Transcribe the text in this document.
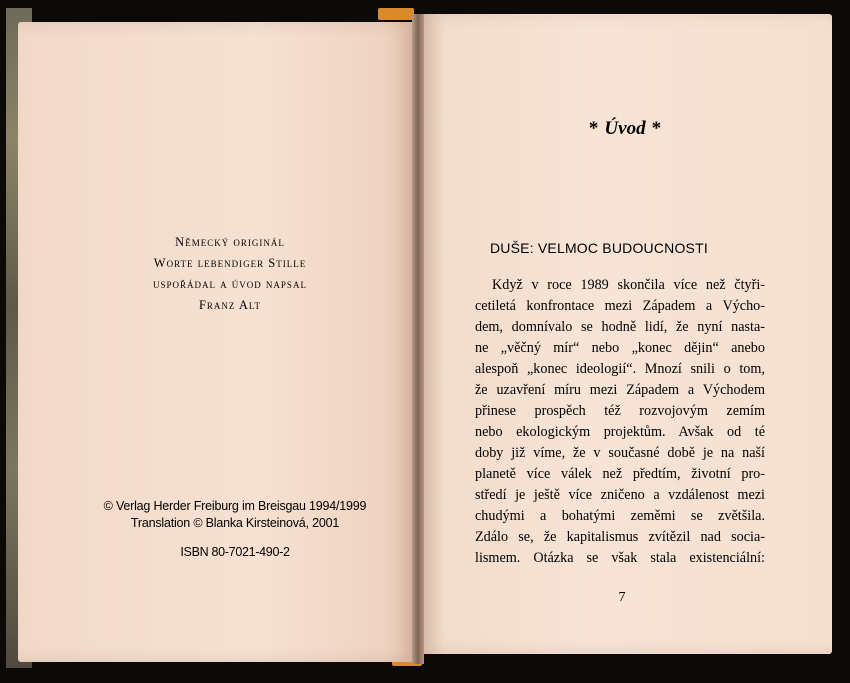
Německý originál
Worte lebendiger Stille
uspořádal a úvod napsal
Franz Alt
© Verlag Herder Freiburg im Breisgau 1994/1999
Translation © Blanka Kirsteinová, 2001
ISBN 80-7021-490-2
* Úvod *
DUŠE: VELMOC BUDOUCNOSTI
Když v roce 1989 skončila více než čtyři-
cetiletá konfrontace mezi Západem a Výcho-
dem, domnívalo se hodně lidí, že nyní nasta-
ne „věčný mír“ nebo „konec dějin“ anebo
alespoň „konec ideologií“. Mnozí snili o tom,
že uzavření míru mezi Západem a Východem
přinese prospěch též rozvojovým zemím
nebo ekologickým projektům. Avšak od té
doby již víme, že v současné době je na naší
planetě více válek než předtím, životní pro-
středí je ještě více zničeno a vzdálenost mezi
chudými a bohatými zeměmi se zvětšila.
Zdálo se, že kapitalismus zvítězil nad socia-
lismem. Otázka se však stala existenciální:
7
